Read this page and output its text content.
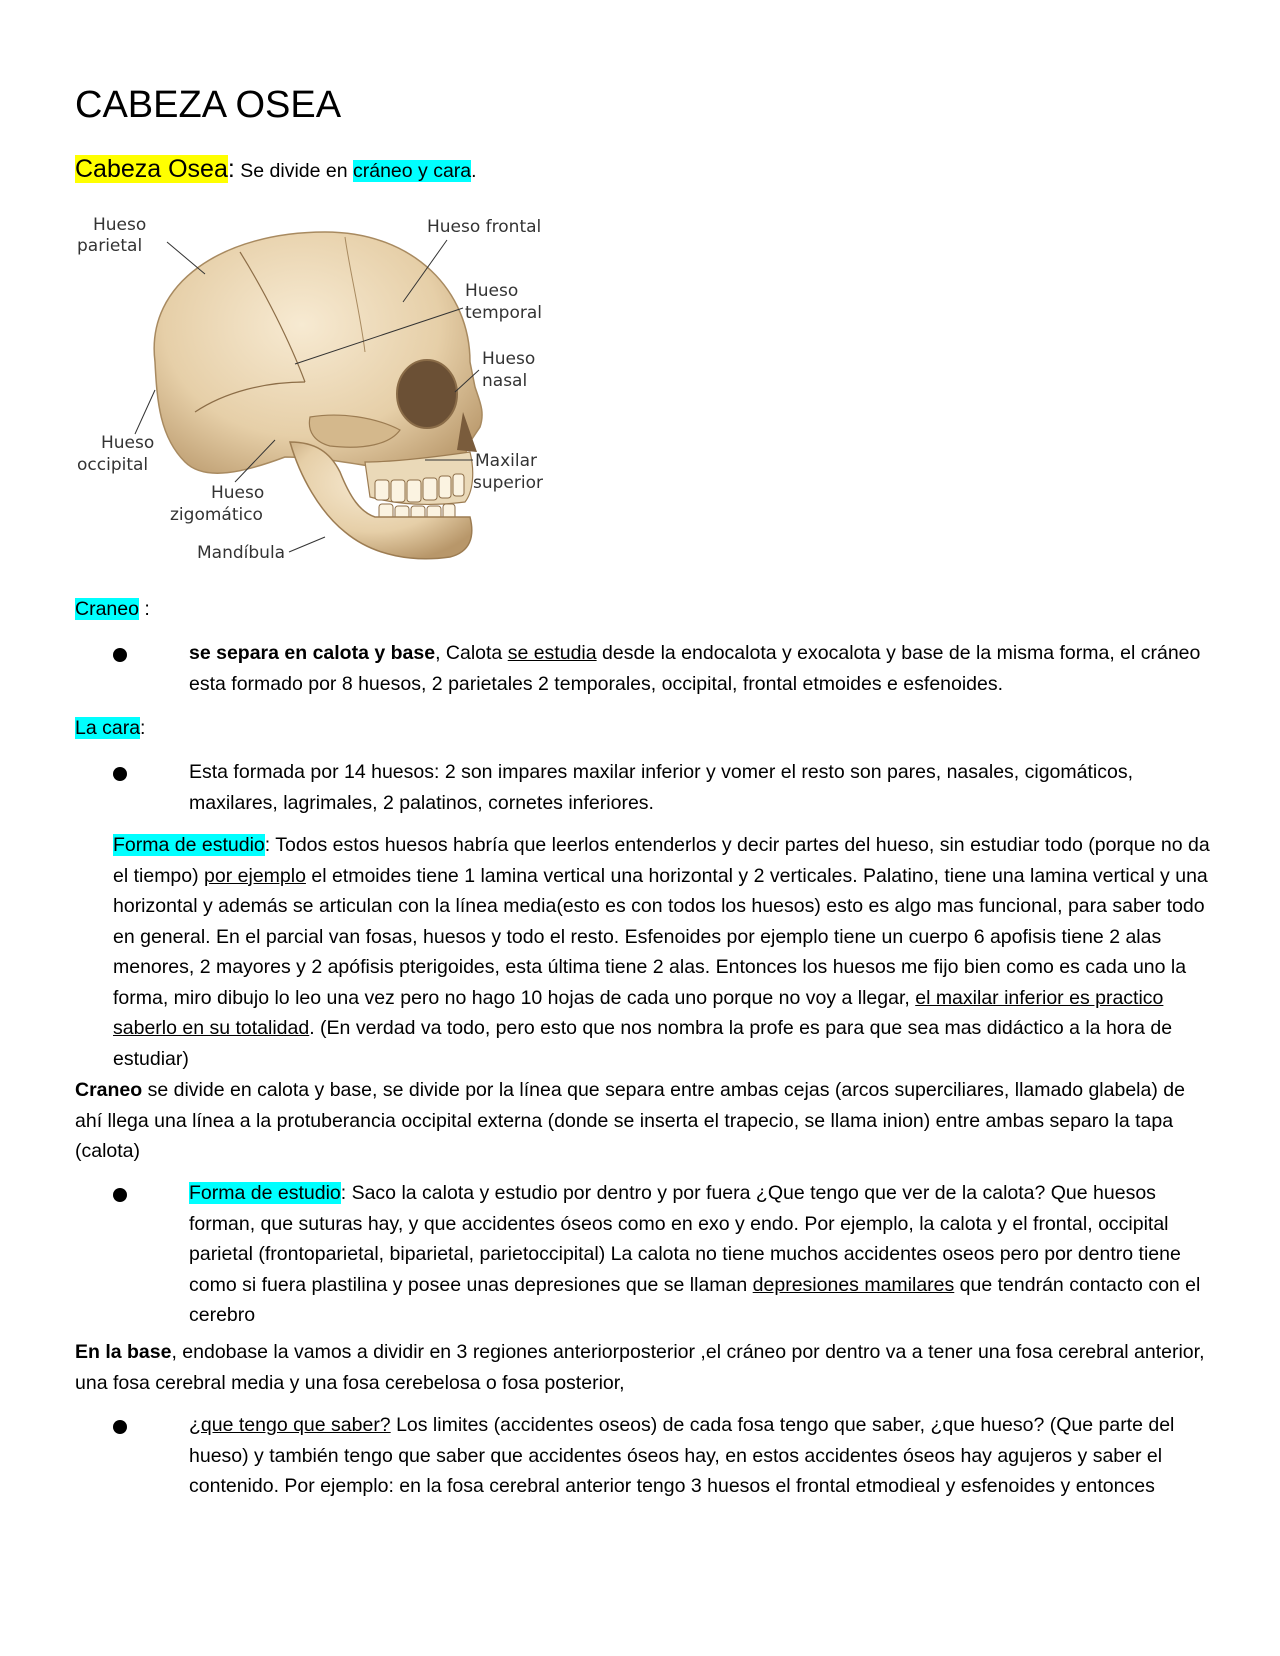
CABEZA OSEA

Cabeza Osea: Se divide en cráneo y cara.

Hueso
parietal
Hueso frontal
Hueso
temporal
Hueso
nasal
Hueso
occipital	Maxilar
superior
Hueso
zigomático
Mandíbula

Craneo :

se separa en calota y base, Calota se estudia desde la endocalota y exocalota y base de la misma forma, el cráneo esta formado por 8 huesos, 2 parietales 2 temporales, occipital, frontal etmoides e esfenoides.

La cara:

Esta formada por 14 huesos: 2 son impares maxilar inferior y vomer el resto son pares, nasales, cigomáticos, maxilares, lagrimales, 2 palatinos, cornetes inferiores.

Forma de estudio: Todos estos huesos habría que leerlos entenderlos y decir partes del hueso, sin estudiar todo (porque no da el tiempo) por ejemplo el etmoides tiene 1 lamina vertical una horizontal y 2 verticales. Palatino, tiene una lamina vertical y una horizontal y además se articulan con la línea media(esto es con todos los huesos) esto es algo mas funcional, para saber todo en general. En el parcial van fosas, huesos y todo el resto. Esfenoides por ejemplo tiene un cuerpo 6 apofisis tiene 2 alas menores, 2 mayores y 2 apófisis pterigoides, esta última tiene 2 alas. Entonces los huesos me fijo bien como es cada uno la forma, miro dibujo lo leo una vez pero no hago 10 hojas de cada uno porque no voy a llegar, el maxilar inferior es practico saberlo en su totalidad. (En verdad va todo, pero esto que nos nombra la profe es para que sea mas didáctico a la hora de estudiar)

Craneo se divide en calota y base, se divide por la línea que separa entre ambas cejas (arcos superciliares, llamado glabela) de ahí llega una línea a la protuberancia occipital externa (donde se inserta el trapecio, se llama inion) entre ambas separo la tapa (calota)

Forma de estudio: Saco la calota y estudio por dentro y por fuera ¿Que tengo que ver de la calota? Que huesos forman, que suturas hay, y que accidentes óseos como en exo y endo. Por ejemplo, la calota y el frontal, occipital parietal (frontoparietal, biparietal, parietoccipital) La calota no tiene muchos accidentes oseos pero por dentro tiene como si fuera plastilina y posee unas depresiones que se llaman depresiones mamilares que tendrán contacto con el cerebro

En la base, endobase la vamos a dividir en 3 regiones anteriorposterior ,el cráneo por dentro va a tener una fosa cerebral anterior, una fosa cerebral media y una fosa cerebelosa o fosa posterior,

¿que tengo que saber? Los limites (accidentes oseos) de cada fosa tengo que saber, ¿que hueso? (Que parte del hueso) y también tengo que saber que accidentes óseos hay, en estos accidentes óseos hay agujeros y saber el contenido. Por ejemplo: en la fosa cerebral anterior tengo 3 huesos el frontal etmodieal y esfenoides y entonces
